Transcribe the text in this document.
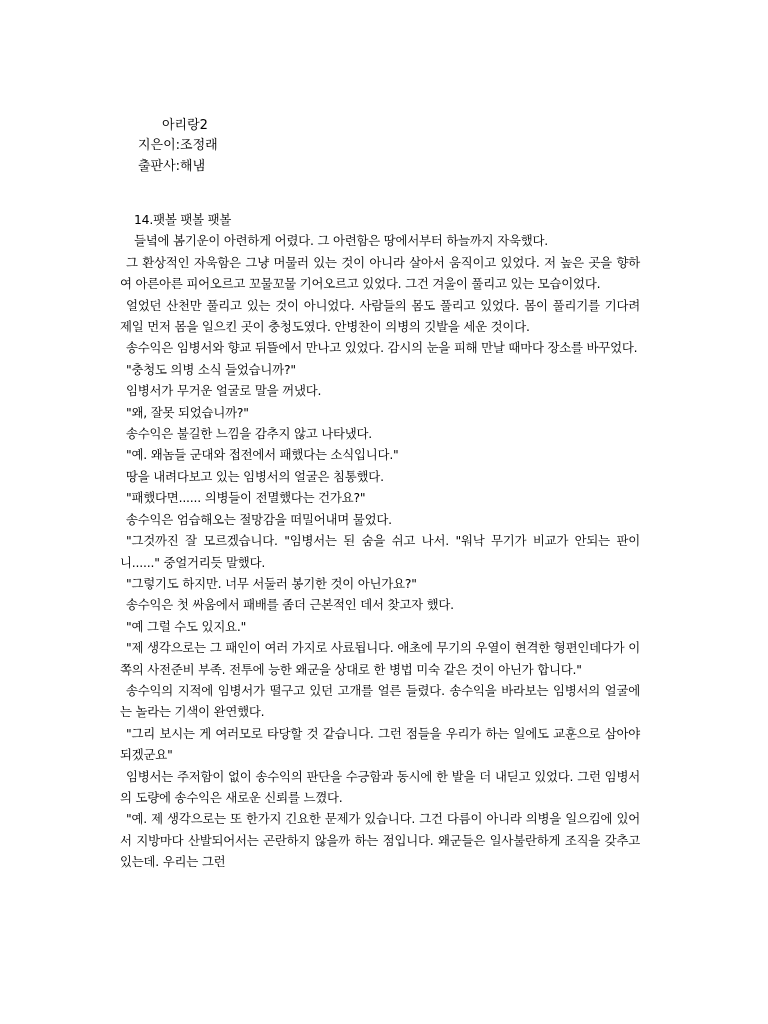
아리랑2
지은이:조정래
출판사:해냄
14.팻볼 팻볼 팻볼

들녘에 봄기운이 아련하게 어렸다. 그 아련함은 땅에서부터 하늘까지 자욱했다.

그 환상적인 자욱함은 그냥 머물러 있는 것이 아니라 살아서 움직이고 있었다. 저 높은 곳을 향하여 아른아른 피어오르고 꼬물꼬물 기어오르고 있었다. 그건 겨울이 풀리고 있는 모습이었다.

얼었던 산천만 풀리고 있는 것이 아니었다. 사람들의 몸도 풀리고 있었다. 몸이 풀리기를 기다려 제일 먼저 몸을 일으킨 곳이 충청도였다. 안병찬이 의병의 깃발을 세운 것이다.

송수익은 임병서와 향교 뒤뜰에서 만나고 있었다. 감시의 눈을 피해 만날 때마다 장소를 바꾸었다.

"충청도 의병 소식 들었습니까?"

임병서가 무거운 얼굴로 말을 꺼냈다.

"왜, 잘못 되었습니까?"

송수익은 불길한 느낌을 감추지 않고 나타냈다.

"예. 왜놈들 군대와 접전에서 패했다는 소식입니다."

땅을 내려다보고 있는 임병서의 얼굴은 침통했다.

"패했다면...... 의병들이 전멸했다는 건가요?"

송수익은 엄습해오는 절망감을 떠밀어내며 물었다.

"그것까진 잘 모르겠습니다. "임병서는 된 숨을 쉬고 나서. "워낙 무기가 비교가 안되는 판이니......" 중얼거리듯 말했다.

"그렇기도 하지만. 너무 서둘러 봉기한 것이 아닌가요?"

송수익은 첫 싸움에서 패배를 좀더 근본적인 데서 찾고자 했다.

"예 그럴 수도 있지요."

"제 생각으로는 그 패인이 여러 가지로 사료됩니다. 애초에 무기의 우열이 현격한 형편인데다가 이쪽의 사전준비 부족. 전투에 능한 왜군을 상대로 한 병법 미숙 같은 것이 아닌가 합니다."

송수익의 지적에 임병서가 떨구고 있던 고개를 얼른 들렸다. 송수익을 바라보는 임병서의 얼굴에는 놀라는 기색이 완연했다.

"그리 보시는 게 여러모로 타당할 것 같습니다. 그런 점들을 우리가 하는 일에도 교훈으로 삼아야 되겠군요"

임병서는 주저함이 없이 송수익의 판단을 수긍함과 동시에 한 발을 더 내딛고 있었다. 그런 임병서의 도량에 송수익은 새로운 신뢰를 느꼈다.

"예. 제 생각으로는 또 한가지 긴요한 문제가 있습니다. 그건 다름이 아니라 의병을 일으킴에 있어서 지방마다 산발되어서는 곤란하지 않을까 하는 점입니다. 왜군들은 일사불란하게 조직을 갖추고 있는데. 우리는 그런
